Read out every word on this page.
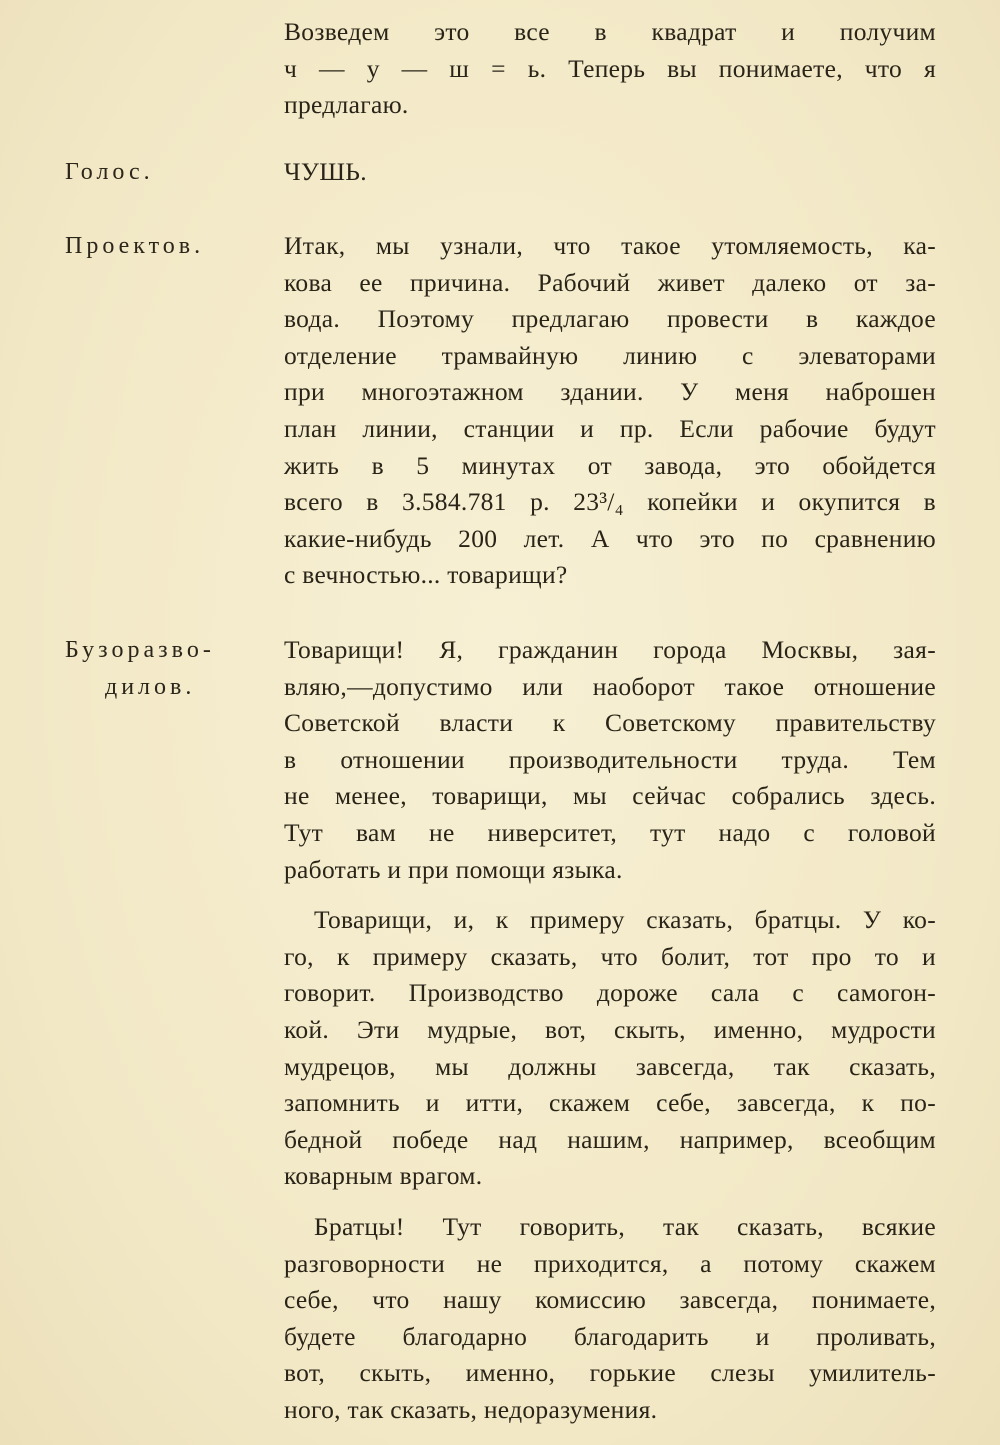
Возведем это все в квадрат и получим
ч — у — ш = ь. Теперь вы понимаете, что я
предлагаю.
Голос.	ЧУШЬ.
Проектов.	Итак, мы узнали, что такое утомляемость, ка-
кова ее причина. Рабочий живет далеко от за-
вода. Поэтому предлагаю провести в каждое
отделение трамвайную линию с элеваторами
при многоэтажном здании. У меня наброшен
план линии, станции и пр. Если рабочие будут
жить в 5 минутах от завода, это обойдется
всего в 3.584.781 р. 23³/₄ копейки и окупится в
какие-нибудь 200 лет. А что это по сравнению
с вечностью... товарищи?
Бузоразво-
дилов.
Товарищи! Я, гражданин города Москвы, зая-
вляю,—допустимо или наоборот такое отношение
Советской власти к Советскому правительству
в отношении производительности труда. Тем
не менее, товарищи, мы сейчас собрались здесь.
Тут вам не ниверситет, тут надо с головой
работать и при помощи языка.
Товарищи, и, к примеру сказать, братцы. У ко-
го, к примеру сказать, что болит, тот про то и
говорит. Производство дороже сала с самогон-
кой. Эти мудрые, вот, скыть, именно, мудрости
мудрецов, мы должны завсегда, так сказать,
запомнить и итти, скажем себе, завсегда, к по-
бедной победе над нашим, например, всеобщим
коварным врагом.
Братцы! Тут говорить, так сказать, всякие
разговорности не приходится, а потому скажем
себе, что нашу комиссию завсегда, понимаете,
будете благодарно благодарить и проливать,
вот, скыть, именно, горькие слезы умилитель-
ного, так сказать, недоразумения.
